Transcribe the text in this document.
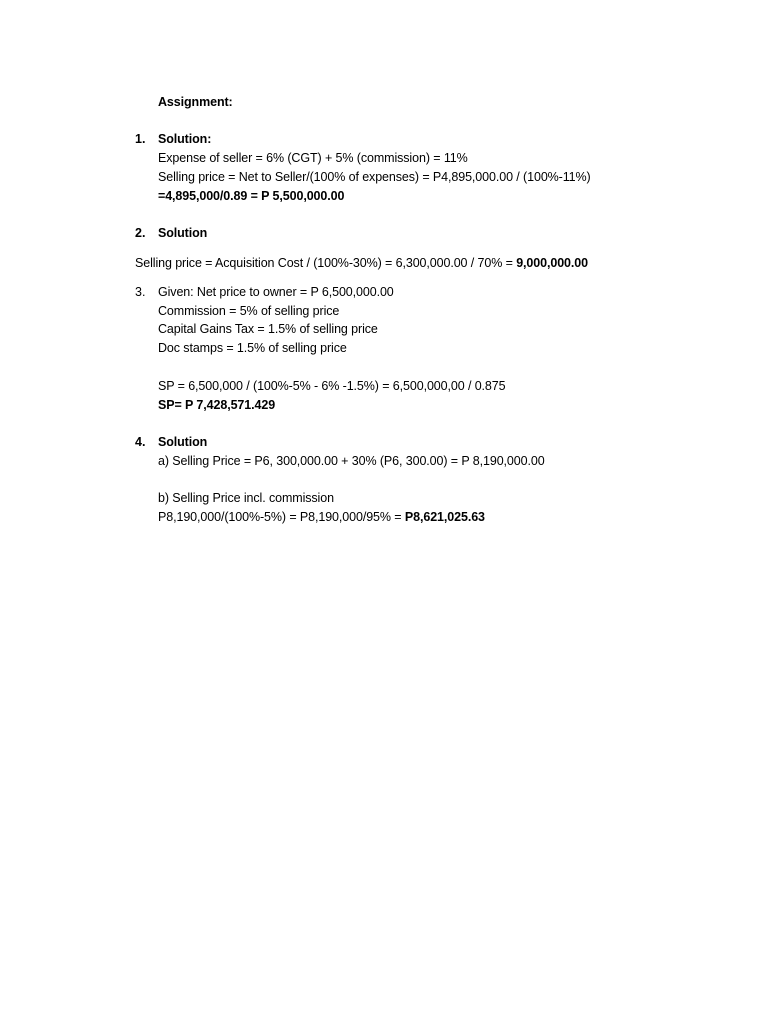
Assignment:
1. Solution:
Expense of seller = 6% (CGT) + 5% (commission) = 11%
Selling price = Net to Seller/(100% of expenses) = P4,895,000.00 / (100%-11%)
=4,895,000/0.89 = P 5,500,000.00
2. Solution
Selling price = Acquisition Cost / (100%-30%) = 6,300,000.00 / 70% = 9,000,000.00
3. Given: Net price to owner = P 6,500,000.00
Commission = 5% of selling price
Capital Gains Tax = 1.5% of selling price
Doc stamps = 1.5% of selling price
SP = 6,500,000 / (100%-5% - 6% -1.5%) = 6,500,000,00 / 0.875
SP= P 7,428,571.429
4. Solution
a) Selling Price = P6, 300,000.00 + 30% (P6, 300.00) = P 8,190,000.00
b) Selling Price incl. commission
P8,190,000/(100%-5%) = P8,190,000/95% = P8,621,025.63
